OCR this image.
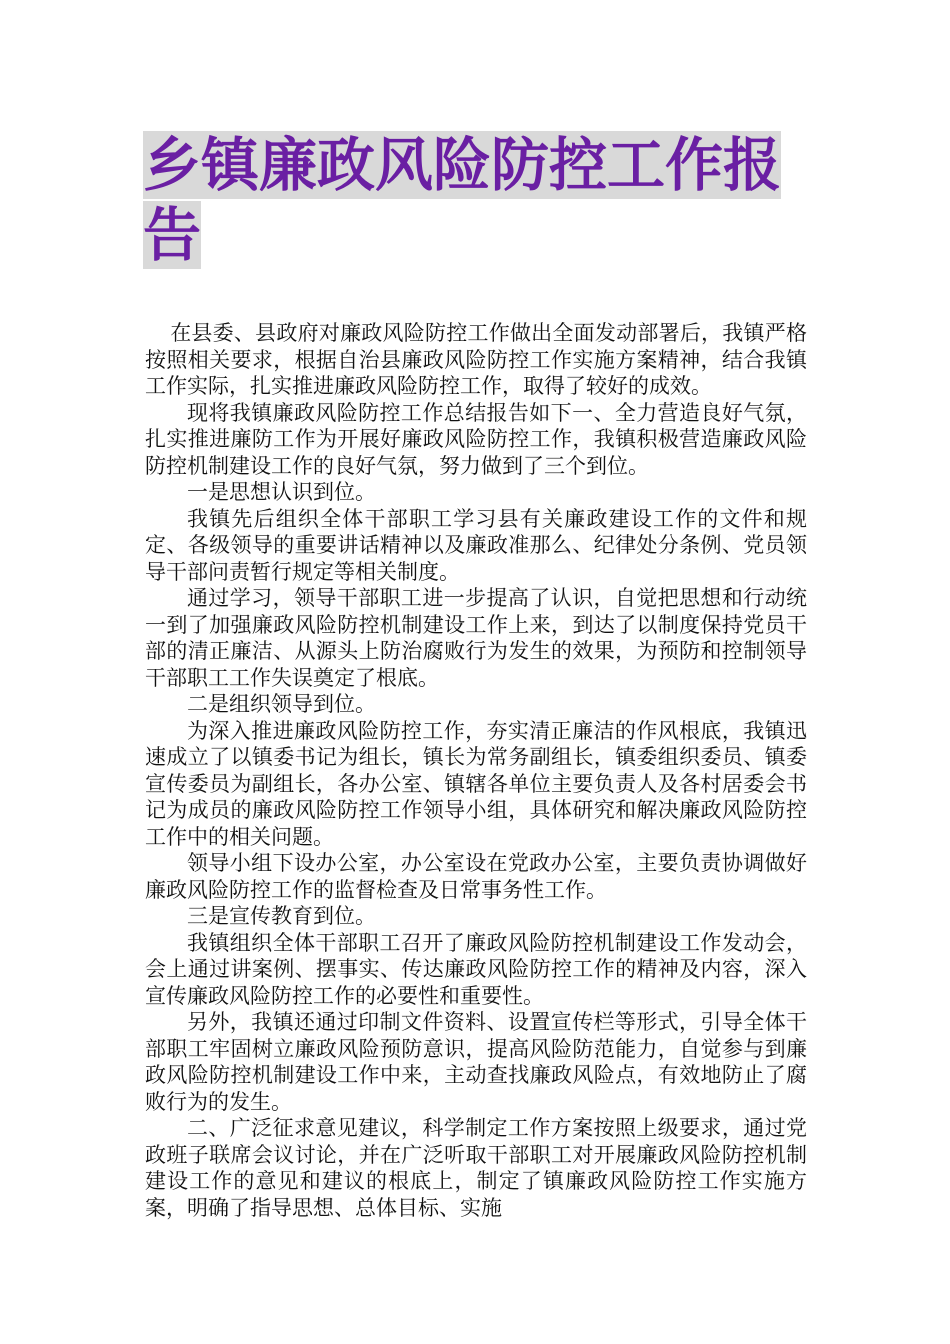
乡镇廉政风险防控工作报告

在县委、县政府对廉政风险防控工作做出全面发动部署后，我镇严格按照相关要求，根据自治县廉政风险防控工作实施方案精神，结合我镇工作实际，扎实推进廉政风险防控工作，取得了较好的成效。

现将我镇廉政风险防控工作总结报告如下一、全力营造良好气氛，扎实推进廉防工作为开展好廉政风险防控工作，我镇积极营造廉政风险防控机制建设工作的良好气氛，努力做到了三个到位。

一是思想认识到位。

我镇先后组织全体干部职工学习县有关廉政建设工作的文件和规定、各级领导的重要讲话精神以及廉政准那么、纪律处分条例、党员领导干部问责暂行规定等相关制度。

通过学习，领导干部职工进一步提高了认识，自觉把思想和行动统一到了加强廉政风险防控机制建设工作上来，到达了以制度保持党员干部的清正廉洁、从源头上防治腐败行为发生的效果，为预防和控制领导干部职工工作失误奠定了根底。

二是组织领导到位。

为深入推进廉政风险防控工作，夯实清正廉洁的作风根底，我镇迅速成立了以镇委书记为组长，镇长为常务副组长，镇委组织委员、镇委宣传委员为副组长，各办公室、镇辖各单位主要负责人及各村居委会书记为成员的廉政风险防控工作领导小组，具体研究和解决廉政风险防控工作中的相关问题。

领导小组下设办公室，办公室设在党政办公室，主要负责协调做好廉政风险防控工作的监督检查及日常事务性工作。

三是宣传教育到位。

我镇组织全体干部职工召开了廉政风险防控机制建设工作发动会，会上通过讲案例、摆事实、传达廉政风险防控工作的精神及内容，深入宣传廉政风险防控工作的必要性和重要性。

另外，我镇还通过印制文件资料、设置宣传栏等形式，引导全体干部职工牢固树立廉政风险预防意识，提高风险防范能力，自觉参与到廉政风险防控机制建设工作中来，主动查找廉政风险点，有效地防止了腐败行为的发生。

二、广泛征求意见建议，科学制定工作方案按照上级要求，通过党政班子联席会议讨论，并在广泛听取干部职工对开展廉政风险防控机制建设工作的意见和建议的根底上，制定了镇廉政风险防控工作实施方案，明确了指导思想、总体目标、实施
